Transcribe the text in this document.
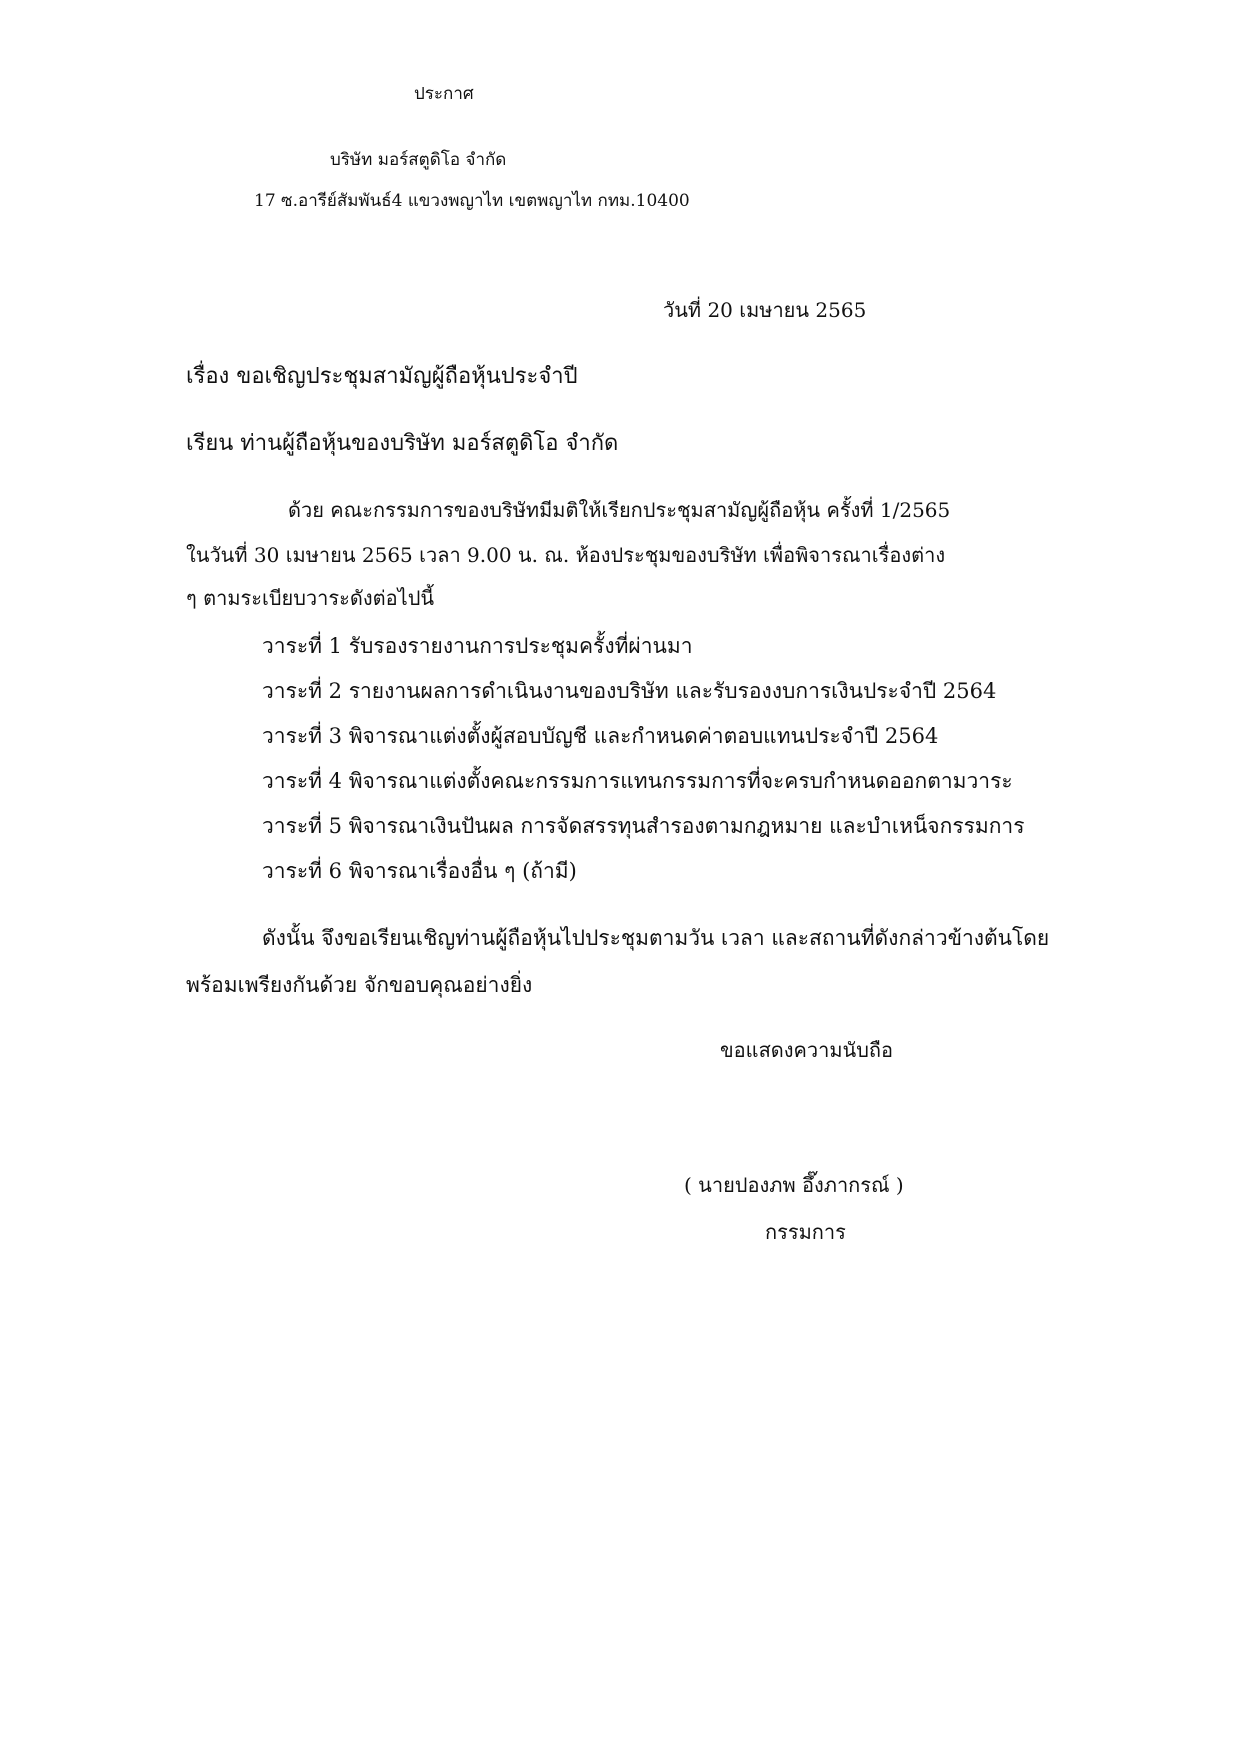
ประกาศ
บริษัท มอร์สตูดิโอ จำกัด
17 ซ.อารีย์สัมพันธ์4 แขวงพญาไท เขตพญาไท กทม.10400
วันที่ 20 เมษายน 2565
เรื่อง ขอเชิญประชุมสามัญผู้ถือหุ้นประจำปี
เรียน ท่านผู้ถือหุ้นของบริษัท มอร์สตูดิโอ จำกัด
ด้วย คณะกรรมการของบริษัทมีมติให้เรียกประชุมสามัญผู้ถือหุ้น ครั้งที่ 1/2565
ในวันที่ 30 เมษายน 2565 เวลา 9.00 น. ณ. ห้องประชุมของบริษัท เพื่อพิจารณาเรื่องต่าง
ๆ ตามระเบียบวาระดังต่อไปนี้
วาระที่ 1 รับรองรายงานการประชุมครั้งที่ผ่านมา
วาระที่ 2 รายงานผลการดำเนินงานของบริษัท และรับรองงบการเงินประจำปี 2564
วาระที่ 3 พิจารณาแต่งตั้งผู้สอบบัญชี และกำหนดค่าตอบแทนประจำปี 2564
วาระที่ 4 พิจารณาแต่งตั้งคณะกรรมการแทนกรรมการที่จะครบกำหนดออกตามวาระ
วาระที่ 5 พิจารณาเงินปันผล การจัดสรรทุนสำรองตามกฎหมาย และบำเหน็จกรรมการ
วาระที่ 6 พิจารณาเรื่องอื่น ๆ (ถ้ามี)
ดังนั้น จึงขอเรียนเชิญท่านผู้ถือหุ้นไปประชุมตามวัน เวลา และสถานที่ดังกล่าวข้างต้นโดย
พร้อมเพรียงกันด้วย จักขอบคุณอย่างยิ่ง
ขอแสดงความนับถือ
( นายปองภพ อึ๊งภากรณ์ )
กรรมการ
